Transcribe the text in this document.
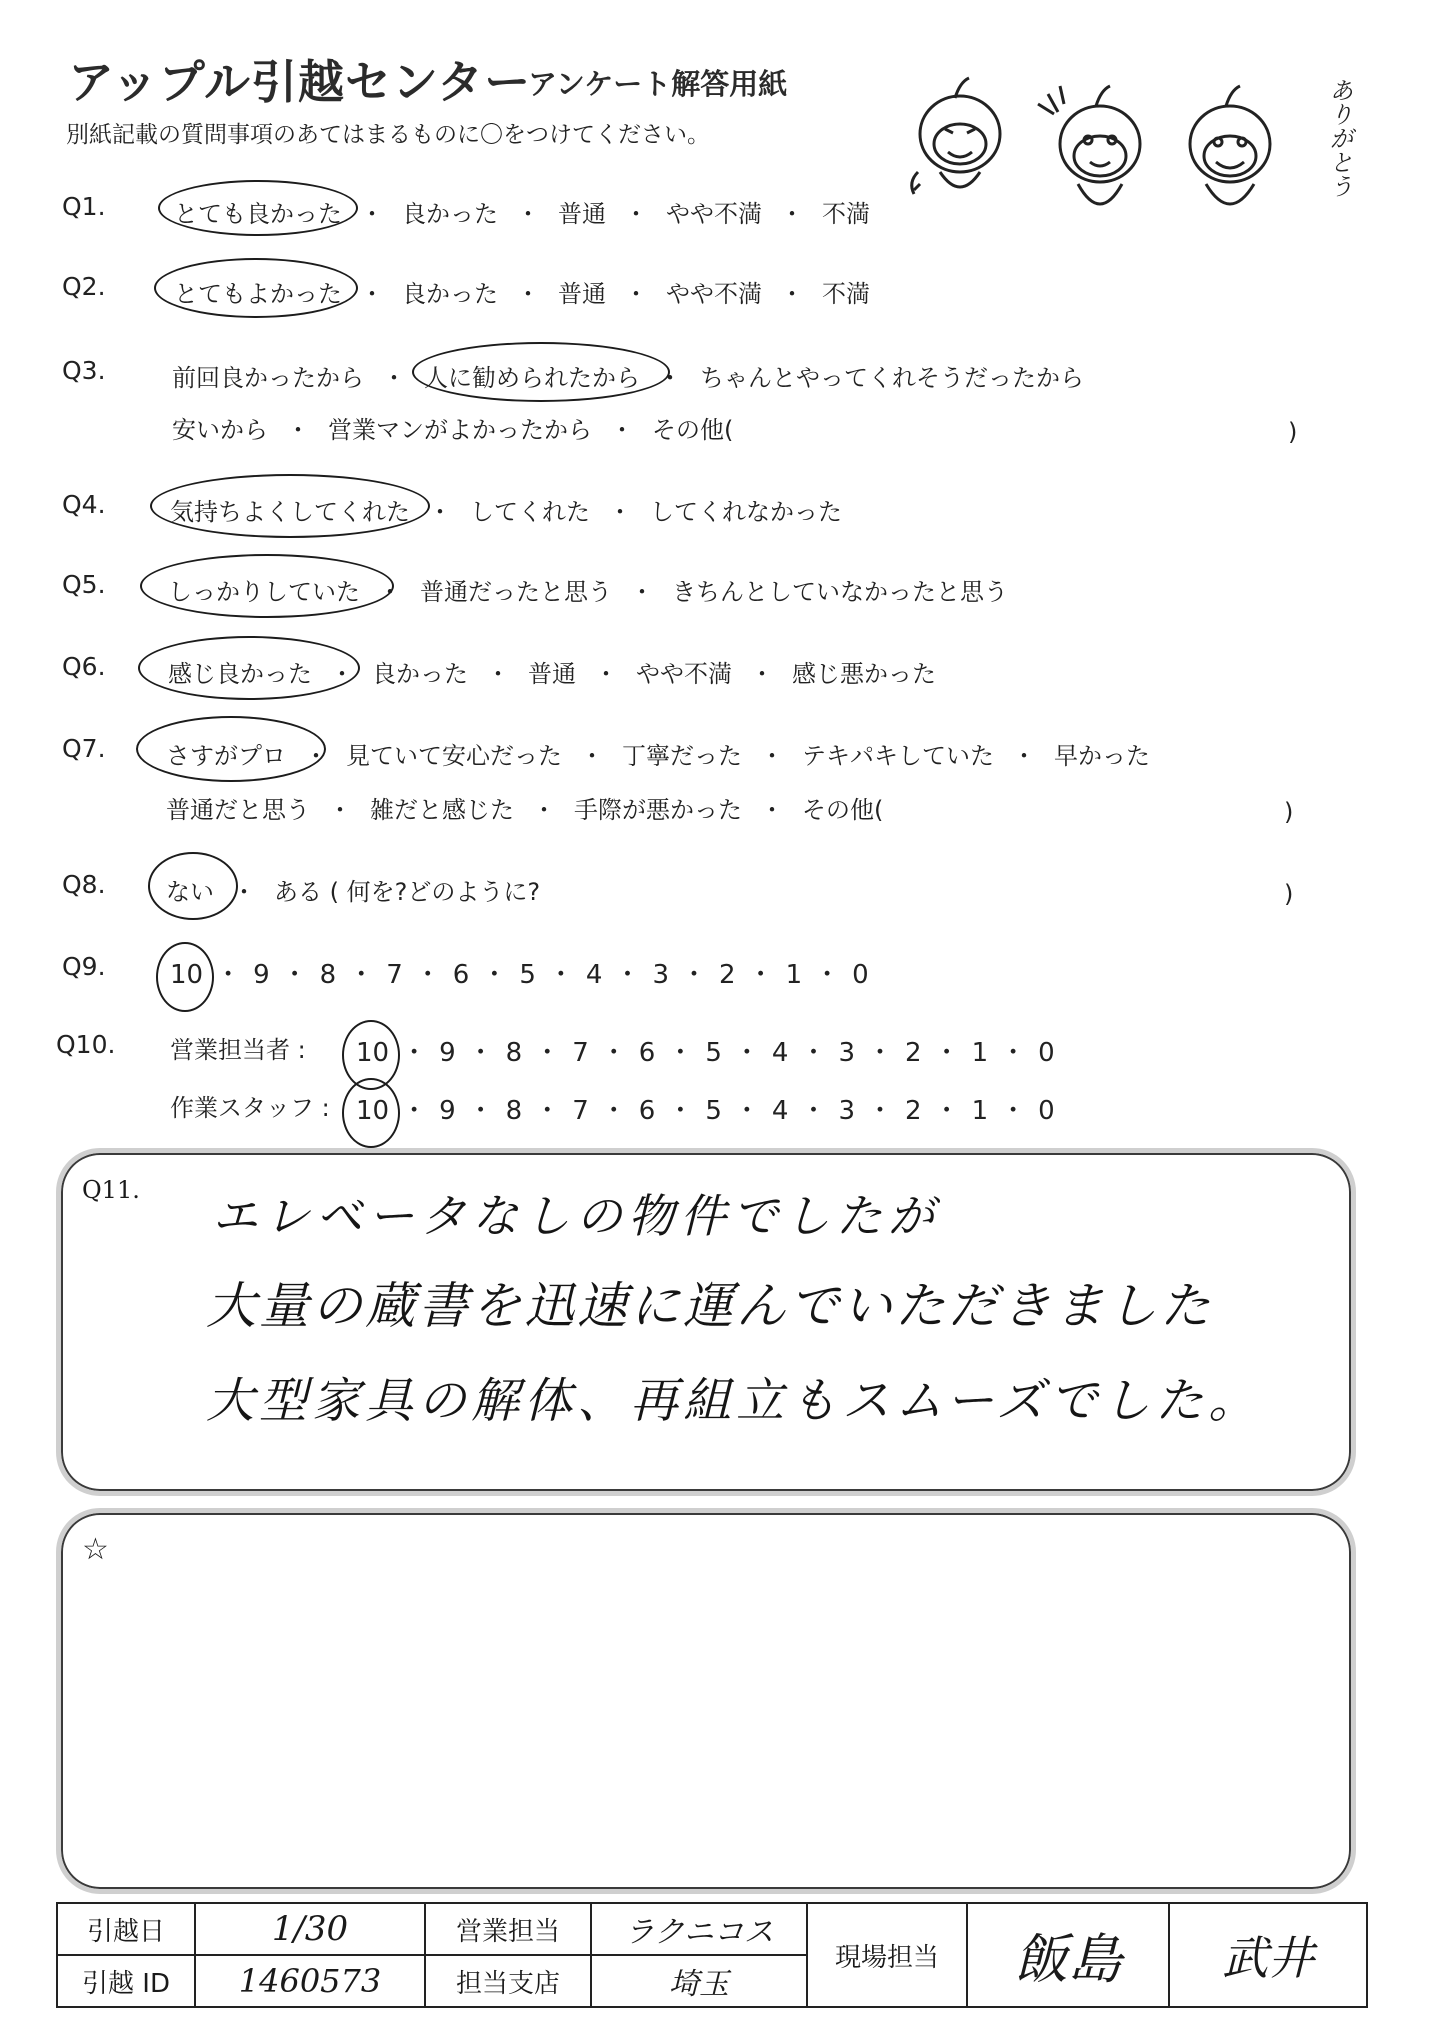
アップル引越センター
アンケート解答用紙
別紙記載の質問事項のあてはまるものに〇をつけてください。	ありがとう
Q1.	とても良かった ・ 良かった ・ 普通 ・ やや不満 ・ 不満
Q2.	とてもよかった ・ 良かった ・ 普通 ・ やや不満 ・ 不満
Q3.	前回良かったから ・ 人に勧められたから ・ ちゃんとやってくれそうだったから
安いから ・ 営業マンがよかったから ・ その他(	)
Q4.	気持ちよくしてくれた ・ してくれた ・ してくれなかった
Q5.	しっかりしていた ・ 普通だったと思う ・ きちんとしていなかったと思う
Q6.	感じ良かった ・ 良かった ・ 普通 ・ やや不満 ・ 感じ悪かった
Q7.	さすがプロ ・ 見ていて安心だった ・ 丁寧だった ・ テキパキしていた ・ 早かった
普通だと思う ・ 雑だと感じた ・ 手際が悪かった ・ その他(	)
Q8.	ない ・ ある ( 何を?どのように?	)
Q9. 10 ・ 9 ・ 8 ・ 7 ・ 6 ・ 5 ・ 4 ・ 3 ・ 2 ・ 1 ・ 0
Q10. 営業担当者 : 10 ・ 9 ・ 8 ・ 7 ・ 6 ・ 5 ・ 4 ・ 3 ・ 2 ・ 1 ・ 0
作業スタッフ : 10 ・ 9 ・ 8 ・ 7 ・ 6 ・ 5 ・ 4 ・ 3 ・ 2 ・ 1 ・ 0
Q11. エレベータなしの物件でしたが
大量の蔵書を迅速に運んでいただきました
大型家具の解体、再組立もスムーズでした。
☆
引越日	1/30	営業担当	ラクニコス	現場担当	飯島	武井
引越 ID	1460573	担当支店	埼玉			
